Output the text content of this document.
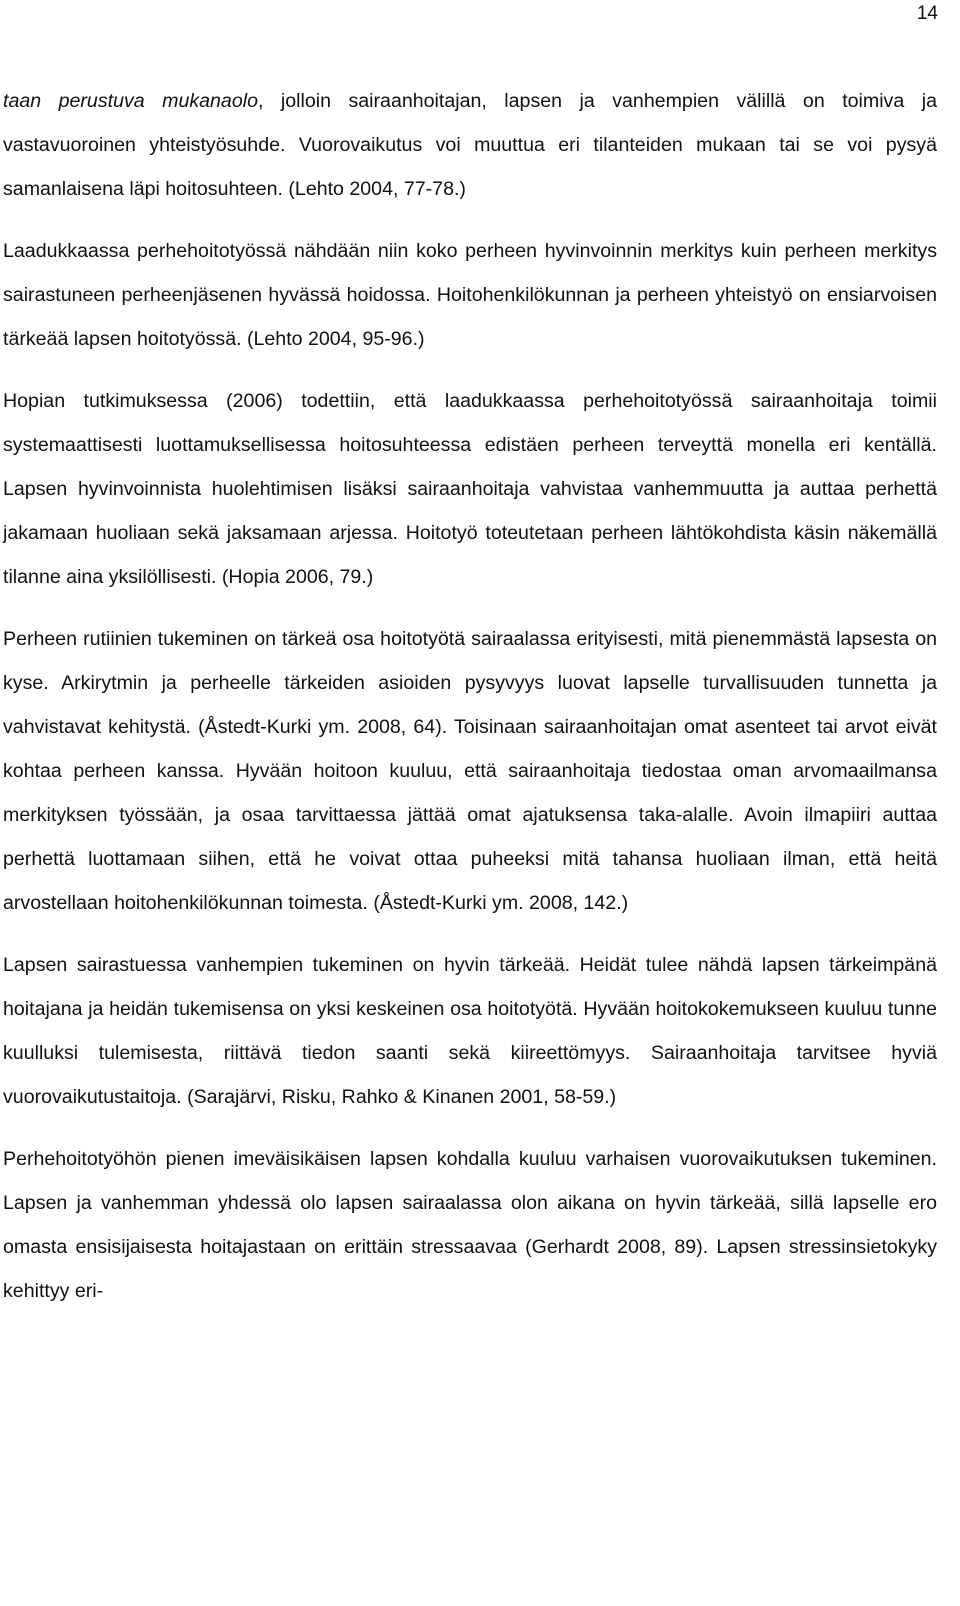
14

taan perustuva mukanaolo, jolloin sairaanhoitajan, lapsen ja vanhempien välillä on toimiva ja vastavuoroinen yhteistyösuhde. Vuorovaikutus voi muuttua eri tilanteiden mukaan tai se voi pysyä samanlaisena läpi hoitosuhteen. (Lehto 2004, 77-78.)

Laadukkaassa perhehoitotyössä nähdään niin koko perheen hyvinvoinnin merkitys kuin perheen merkitys sairastuneen perheenjäsenen hyvässä hoidossa. Hoitohenkilökunnan ja perheen yhteistyö on ensiarvoisen tärkeää lapsen hoitotyössä. (Lehto 2004, 95-96.)

Hopian tutkimuksessa (2006) todettiin, että laadukkaassa perhehoitotyössä sairaanhoitaja toimii systemaattisesti luottamuksellisessa hoitosuhteessa edistäen perheen terveyttä monella eri kentällä. Lapsen hyvinvoinnista huolehtimisen lisäksi sairaanhoitaja vahvistaa vanhemmuutta ja auttaa perhettä jakamaan huoliaan sekä jaksamaan arjessa. Hoitotyö toteutetaan perheen lähtökohdista käsin näkemällä tilanne aina yksilöllisesti. (Hopia 2006, 79.)

Perheen rutiinien tukeminen on tärkeä osa hoitotyötä sairaalassa erityisesti, mitä pienemmästä lapsesta on kyse. Arkirytmin ja perheelle tärkeiden asioiden pysyvyys luovat lapselle turvallisuuden tunnetta ja vahvistavat kehitystä. (Åstedt-Kurki ym. 2008, 64). Toisinaan sairaanhoitajan omat asenteet tai arvot eivät kohtaa perheen kanssa. Hyvään hoitoon kuuluu, että sairaanhoitaja tiedostaa oman arvomaailmansa merkityksen työssään, ja osaa tarvittaessa jättää omat ajatuksensa taka-alalle. Avoin ilmapiiri auttaa perhettä luottamaan siihen, että he voivat ottaa puheeksi mitä tahansa huoliaan ilman, että heitä arvostellaan hoitohenkilökunnan toimesta. (Åstedt-Kurki ym. 2008, 142.)

Lapsen sairastuessa vanhempien tukeminen on hyvin tärkeää. Heidät tulee nähdä lapsen tärkeimpänä hoitajana ja heidän tukemisensa on yksi keskeinen osa hoitotyötä. Hyvään hoitokokemukseen kuuluu tunne kuulluksi tulemisesta, riittävä tiedon saanti sekä kiireettömyys. Sairaanhoitaja tarvitsee hyviä vuorovaikutustaitoja. (Sarajärvi, Risku, Rahko & Kinanen 2001, 58-59.)

Perhehoitotyöhön pienen imeväisikäisen lapsen kohdalla kuuluu varhaisen vuorovaikutuksen tukeminen. Lapsen ja vanhemman yhdessä olo lapsen sairaalassa olon aikana on hyvin tärkeää, sillä lapselle ero omasta ensisijaisesta hoitajastaan on erittäin stressaavaa (Gerhardt 2008, 89). Lapsen stressinsietokyky kehittyy eri-
